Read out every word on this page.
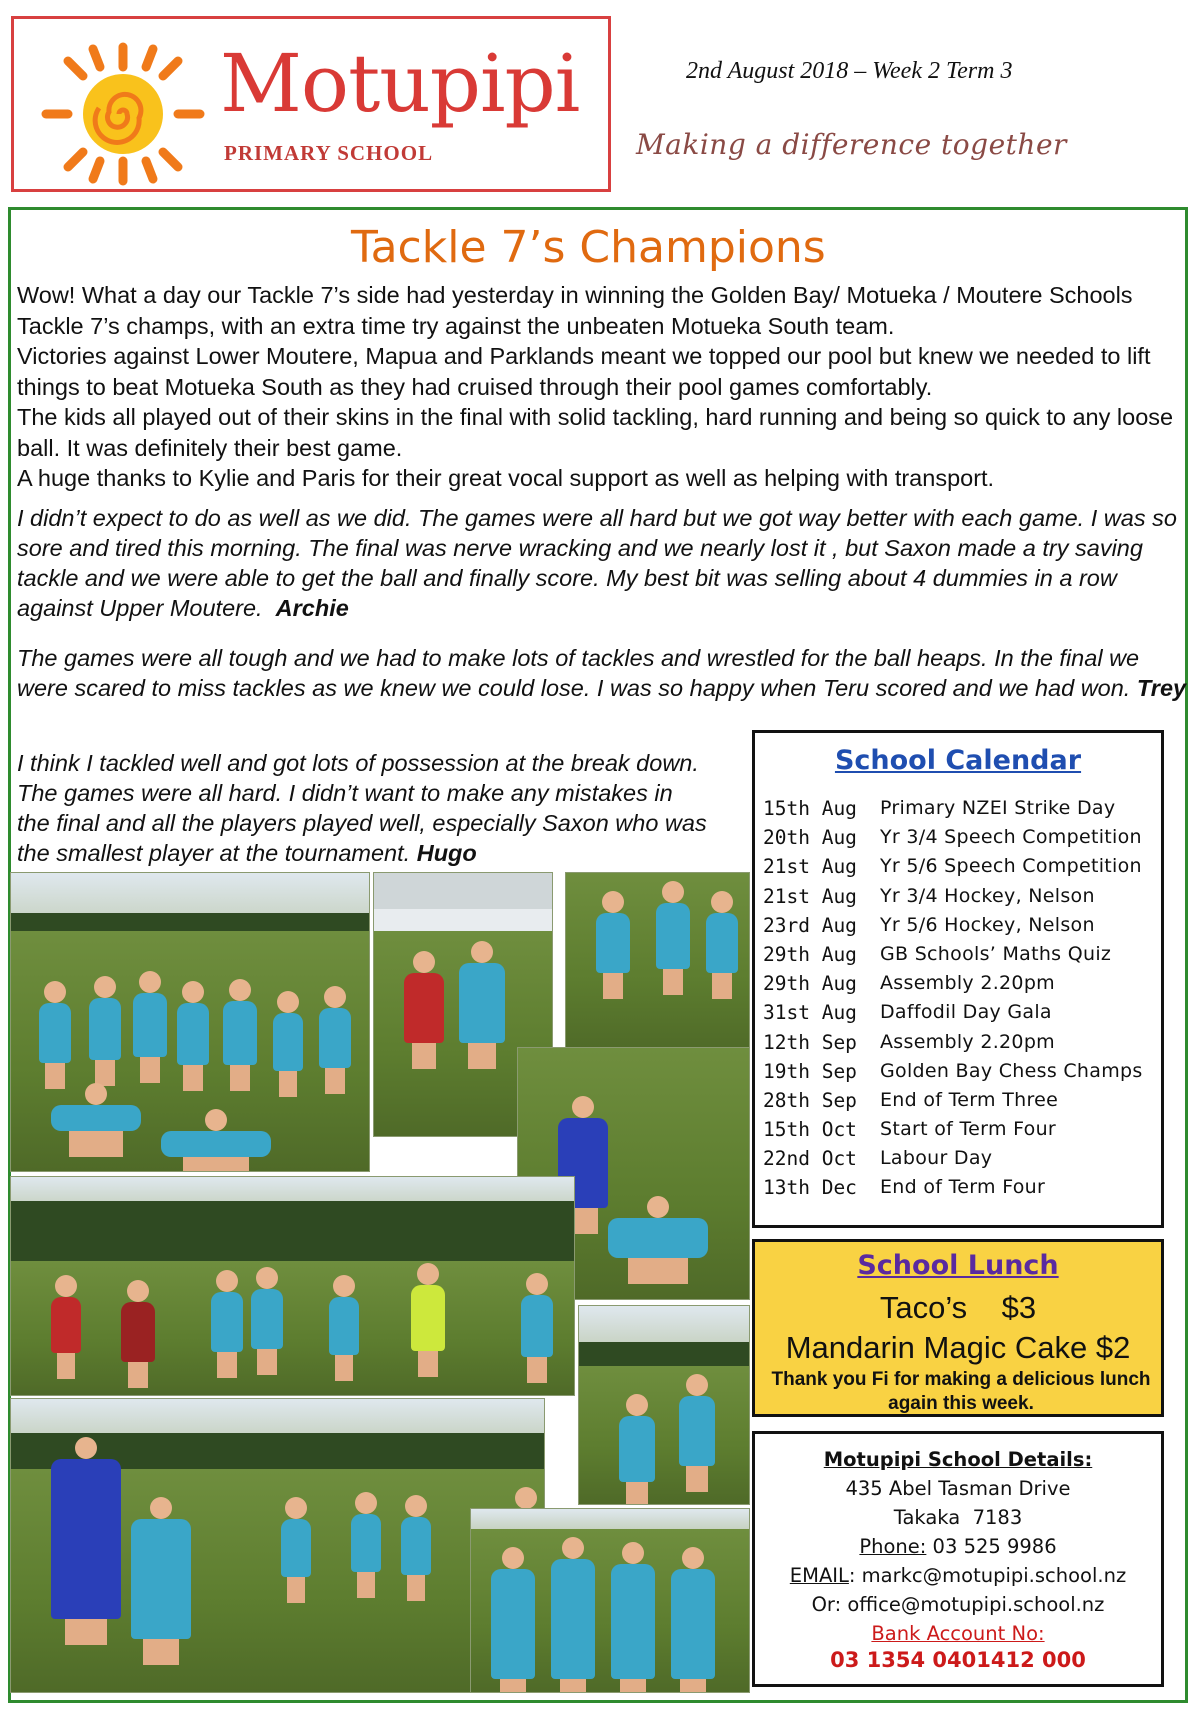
Motupipi
PRIMARY SCHOOL
2nd August 2018 – Week 2 Term 3
Making a difference together
Tackle 7’s Champions

Wow! What a day our Tackle 7’s side had yesterday in winning the Golden Bay/ Motueka / Moutere Schools Tackle 7’s champs, with an extra time try against the unbeaten Motueka South team.

Victories against Lower Moutere, Mapua and Parklands meant we topped our pool but knew we needed to lift things to beat Motueka South as they had cruised through their pool games comfortably.

The kids all played out of their skins in the final with solid tackling, hard running and being so quick to any loose ball. It was definitely their best game.

A huge thanks to Kylie and Paris for their great vocal support as well as helping with transport.

I didn’t expect to do as well as we did. The games were all hard but we got way better with each game. I was so sore and tired this morning. The final was nerve wracking and we nearly lost it , but Saxon made a try saving tackle and we were able to get the ball and finally score. My best bit was selling about 4 dummies in a row against Upper Moutere. Archie
The games were all tough and we had to make lots of tackles and wrestled for the ball heaps. In the final we were scared to miss tackles as we knew we could lose. I was so happy when Teru scored and we had won. Trey
I think I tackled well and got lots of possession at the break down. The games were all hard. I didn’t want to make any mistakes in the final and all the players played well, especially Saxon who was the smallest player at the tournament. Hugo
School Calendar
15th Aug	Primary NZEI Strike Day
20th Aug	Yr 3/4 Speech Competition
21st Aug	Yr 5/6 Speech Competition
21st Aug	Yr 3/4 Hockey, Nelson
23rd Aug	Yr 5/6 Hockey, Nelson
29th Aug	GB Schools’ Maths Quiz
29th Aug	Assembly 2.20pm
31st Aug	Daffodil Day Gala
12th Sep	Assembly 2.20pm
19th Sep	Golden Bay Chess Champs
28th Sep	End of Term Three
15th Oct	Start of Term Four
22nd Oct	Labour Day
13th Dec	End of Term Four
School Lunch
Taco’s    $3
Mandarin Magic Cake $2
Thank you Fi for making a delicious lunch again this week.
Motupipi School Details:
435 Abel Tasman Drive
Takaka  7183
Phone: 03 525 9986
EMAIL: markc@motupipi.school.nz
Or: office@motupipi.school.nz
Bank Account No:
03 1354 0401412 000
